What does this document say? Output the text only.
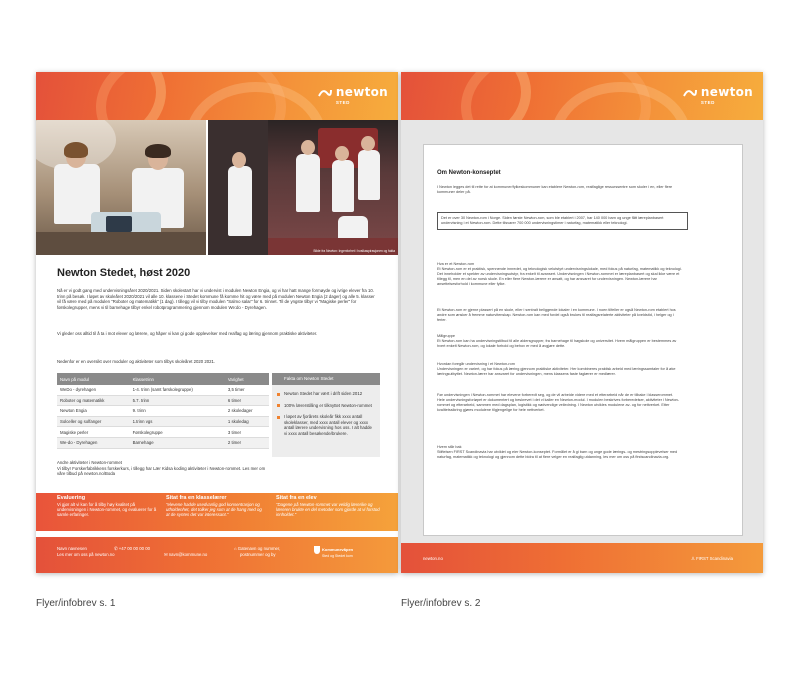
newton
STED
Bilde fra Newton: Ingenforhet i hvalkaspirasjonen og fakta
Newton Stedet, høst 2020
Nå er vi godt gang med undervisningsåret 2020/2021. Siden skolestart har vi undervist i modulen Newton Engia, og vi har hatt mange formøyde og ivrige elever fra 10. trinn på besøk. I løpet av skoleåret 2020/2021 vil alle 10. klassene i Stedet kommune få komme hit og være med på modulen Newton Engia (2 dager) og alle 5. klasser vil få være med på modulen "Roboter og matematikk" (1 dag). I tillegg vil vi tilby modulen "Salmo salar" for 6. trinnet. Til de yngste tilbyr vi "Magiske perler" for førskolegrupper, mens vi til barnehage tilbyr enkel robotprogrammering gjennom modulen We:do - Dyrehagen.
Vi gleder oss alltid til å ta i mot elever og lærere, og håper vi kan gi gode opplevelser med realfag og læring gjennom praktiske aktiviteter.
Nedenfor er en oversikt over moduler og aktiviteter som tilbys skoleåret 2020 2021.
Navn på modul	Klassetrinn	Varighet
WeDo - dyrehagen	1-4. trinn (samt førskolegruppe)	3,5 timer
Roboter og matematikk	5.7. trinn	6 timer
Newton Engia	9. trinn	2 skoledager
Solceller og solfanger	1.trinn vgs	1 skoledag
Magiske perler	Førskolegruppe	3 timer
We-do - Dyrehagen	Barnehage	2 timer
Fakta om Newton Stedet
Newton Stedet har vært i drift siden 2012
100% lærerstilling er tilknyttet Newton-rommet
I løpet av fjorårets skoleår fikk xxxx antall skoleklasser, med xxxx antall elever og xxxx antall lærere undervisning hos oss. I alt hadde vi xxxx antall besøkende/brukere.
Andre aktiviteter i Newton-rommet
Vi tilbyr Forskerfabrikkens forskerkurs, i tillegg har Lær Kidsa koding aktiviteter i Newton-rommet. Les mer om våre tilbud på newton.no/Boda
Evaluering
Vi gjør alt vi kan for å tilby høy kvalitet på undervisningen i Newton-rommet, og evaluerer for å samle erfaringer.
Sitat fra en klasselærer
"elevene hadde usedvanlig god konsentrasjon og utholdenhet, det tolker jeg som at de hang med og at de syntes det var interessant."
Sitat fra en elev
"Dagene på Newton-rommet var veldig lærerike og læreren brukte en del metoder som gjorde at vi forstod innholdet."
Navn navnesen
Les mer om oss på newton.no
✆ +47 00 00 00 00
✉ navn@kommune.no
⌂ Gatenavn og nummer,
postnummer og by
Kommunevåpen
Sted og Stedet kom
newton
STED
Om Newton-konseptet
I Newton legges det til rette for at kommuner/fylkeskommuner kan etablere Newton-rom, realfaglige ressurssentre som skoler i en, eller flere kommuner deler på.
Det er over 30 Newton-rom i Norge. Siden første Newton-rom, som ble etablert i 2007, har 140 000 barn og unge fått læreplanbasert undervisning i et Newton-rom. Dette tilsvarer 700 000 undervisningstimer i naturfag, matematikk eller teknologi.
Hva er et Newton-rom
Et Newton-rom er et praktisk, spennende innredet, og teknologisk velutstyrt undervisningslokale, med fokus på naturfag, matematikk og teknologi. Det inneholder et spekter av undervisningsutstyr, fra enkelt til avansert. Undervisningen i Newton-rommet er læreplanbasert og skal ikke være et tillegg til, men en del av norsk skole. En eller flere Newton-lærere er ansatt, og har ansvaret for undervisningen. Newton-lærere har ansettelsesforhold i kommune eller fylke.
Et Newton-rom er gjerne plassert på en skole, eller i sentralt beliggende lokaler i en kommune. I noen tilfeller er også Newton-rom etablert hos andre som ønsker å fremme naturvitenskap. Newton-rom kan med fordel også brukes til realfagsrelaterte aktiviteter på kveldstid, i helger og i ferier.
Målgruppe
Et Newton-rom kan ha undervisningstilbud til alle aldersgrupper, fra barnehage til høgskole og universitet. Hvem målgruppen er bestemmes av hvert enkelt Newton-rom, og lokale forhold og behov er med å avgjøre dette.
Hvordan foregår undervisning i et Newton-rom
Undervisningen er variert, og har fokus på læring gjennom praktiske aktiviteter. Her kombineres praktisk arbeid med læringssamtaler for å øke læringsutbyttet. Newton-lærer har ansvaret for undervisningen, mens klassens faste faglærer er medlærer.
Før undervisningen i Newton-rommet har elevene forberedt seg, og de vil arbeide videre med et etterarbeid når de er tilbake i klasserommet. Hele undervisningsforløpet er dokumentert og beskrevet i det vi kaller en Newton-modul. I modulen beskrives forberedelser, aktiviteter i Newton-rommet og etterarbeid, sammen med dagsplan, logistikk og nødvendige veiledning. I Newton utvikles modulene av- og for nettverket. Etter kvalitetssikring gjøres modulene tilgjengelige for hele nettverket.
Hvem står bak
Stiftelsen FIRST Scandinavia har utviklet og eier Newton-konseptet. Formålet er å gi barn og unge gode lærings- og mestringsopplevelser med naturfag, matematikk og teknologi og gjennom dette bidra til at flere velger en realfaglig utdanning, les mer om oss på firstscandinavia.org.
newton.no	♙ FIRST Scandinavia
Flyer/infobrev s. 1	Flyer/infobrev s. 2
